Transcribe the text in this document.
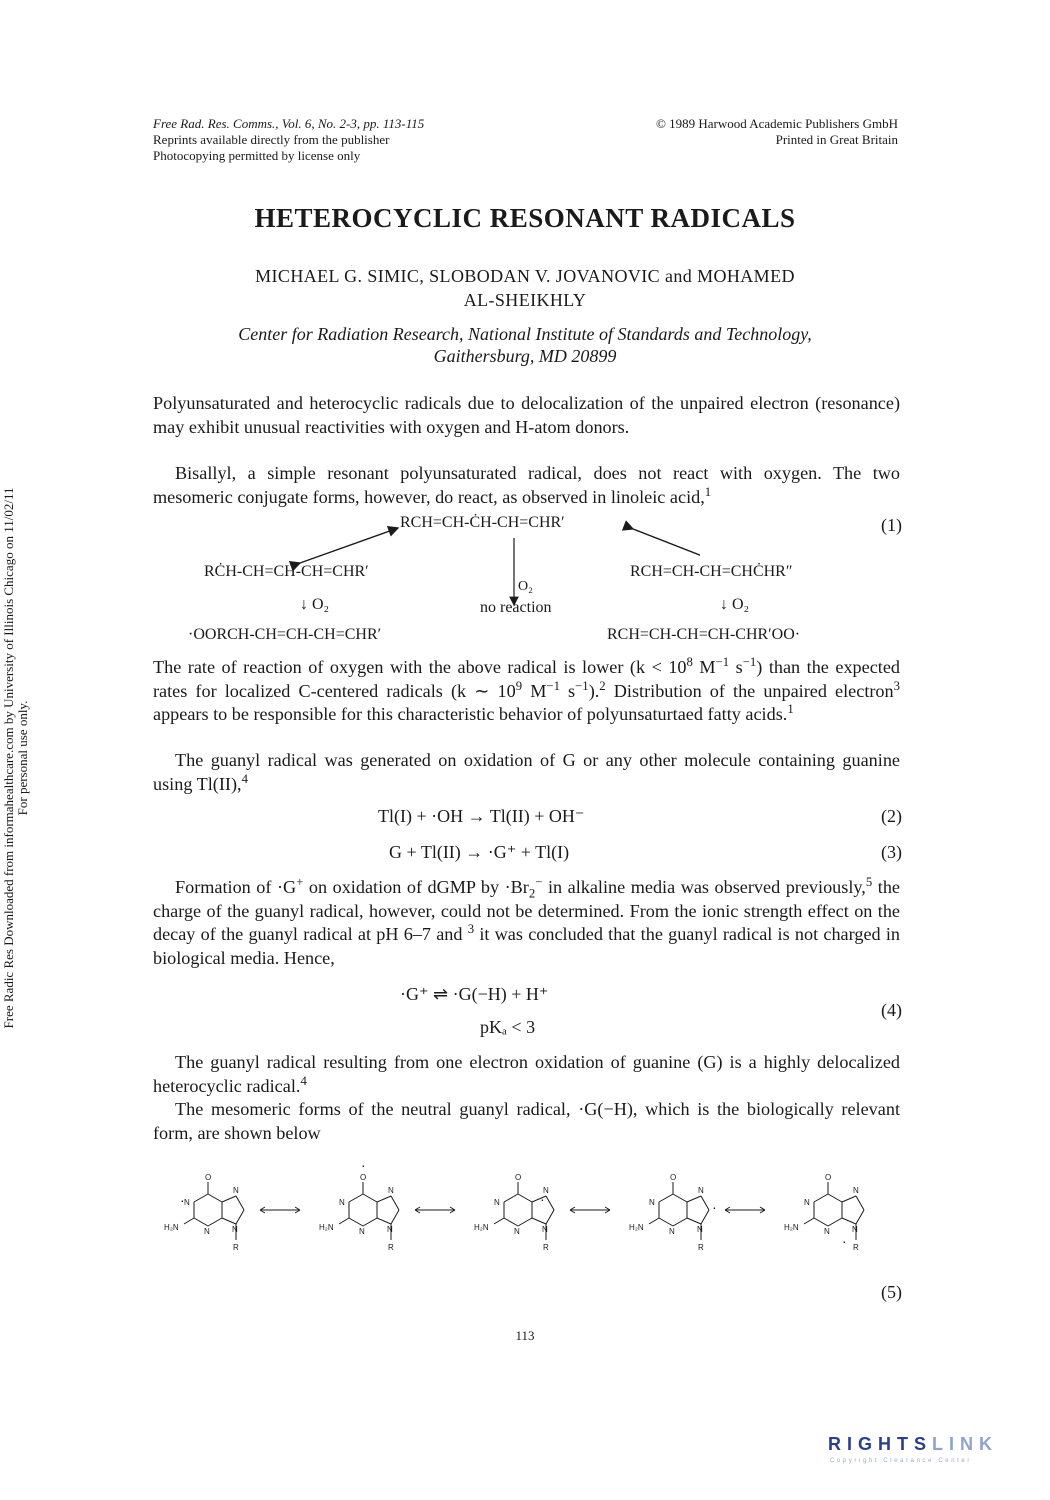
Free Rad. Res. Comms., Vol. 6, No. 2-3, pp. 113-115
Reprints available directly from the publisher
Photocopying permitted by license only
© 1989 Harwood Academic Publishers GmbH
Printed in Great Britain
HETEROCYCLIC RESONANT RADICALS
MICHAEL G. SIMIC, SLOBODAN V. JOVANOVIC and MOHAMED
AL-SHEIKHLY
Center for Radiation Research, National Institute of Standards and Technology,
Gaithersburg, MD 20899
Polyunsaturated and heterocyclic radicals due to delocalization of the unpaired electron (resonance) may exhibit unusual reactivities with oxygen and H-atom donors.
Bisallyl, a simple resonant polyunsaturated radical, does not react with oxygen. The two mesomeric conjugate forms, however, do react, as observed in linoleic acid,$^1$
RCH=CH-ĊH-CH=CHR′	(1)
RĊH-CH=CH-CH=CHR′	RCH=CH-CH=CHĊHR″
O₂
↓ O₂	no reaction	↓ O₂
·OORCH-CH=CH-CH=CHR′	RCH=CH-CH=CH-CHR′OO·
The rate of reaction of oxygen with the above radical is lower ($k < 10^8$ $M^{-1}$ $s^{-1}$) than the expected rates for localized C-centered radicals (k ∼ $10^9$ $M^{-1}$ $s^{-1}).^2$ Distribution of the unpaired electron$^3$ appears to be responsible for this characteristic behavior of polyunsaturtaed fatty acids.$^1$
The guanyl radical was generated on oxidation of G or any other molecule containing guanine using Tl(II),$^4$
Tl(I) + ·OH → Tl(II) + OH⁻	(2)
G + Tl(II) → ·G⁺ + Tl(I)	(3)
Formation of ·G+ on oxidation of dGMP by $\cdot Br_2^-$ in alkaline media was observed previously,$^5$ the charge of the guanyl radical, however, could not be determined. From the ionic strength effect on the decay of the guanyl radical at pH 6–7 and $^3$ it was concluded that the guanyl radical is not charged in biological media. Hence,
·G⁺ ⇌ ·G(−H) + H⁺
pKₐ < 3
(4)
The guanyl radical resulting from one electron oxidation of guanine (G) is a highly delocalized heterocyclic radical.$^4$
The mesomeric forms of the neutral guanyl radical, ·G(−H), which is the biologically relevant form, are shown below
O
N
N
N
N
H₂N
R
·
O
N
N
N
N
H₂N
R
·
O
N
N
N
N
H₂N
R
·
O
N
N
N
N
H₂N
R
·
O
N
N
N
N
H₂N
R
·
(5)
113
Free Radic Res Downloaded from informahealthcare.com by University of Illinois Chicago on 11/02/11 For personal use only.
RIGHTSLINK
Copyright Clearance Center
